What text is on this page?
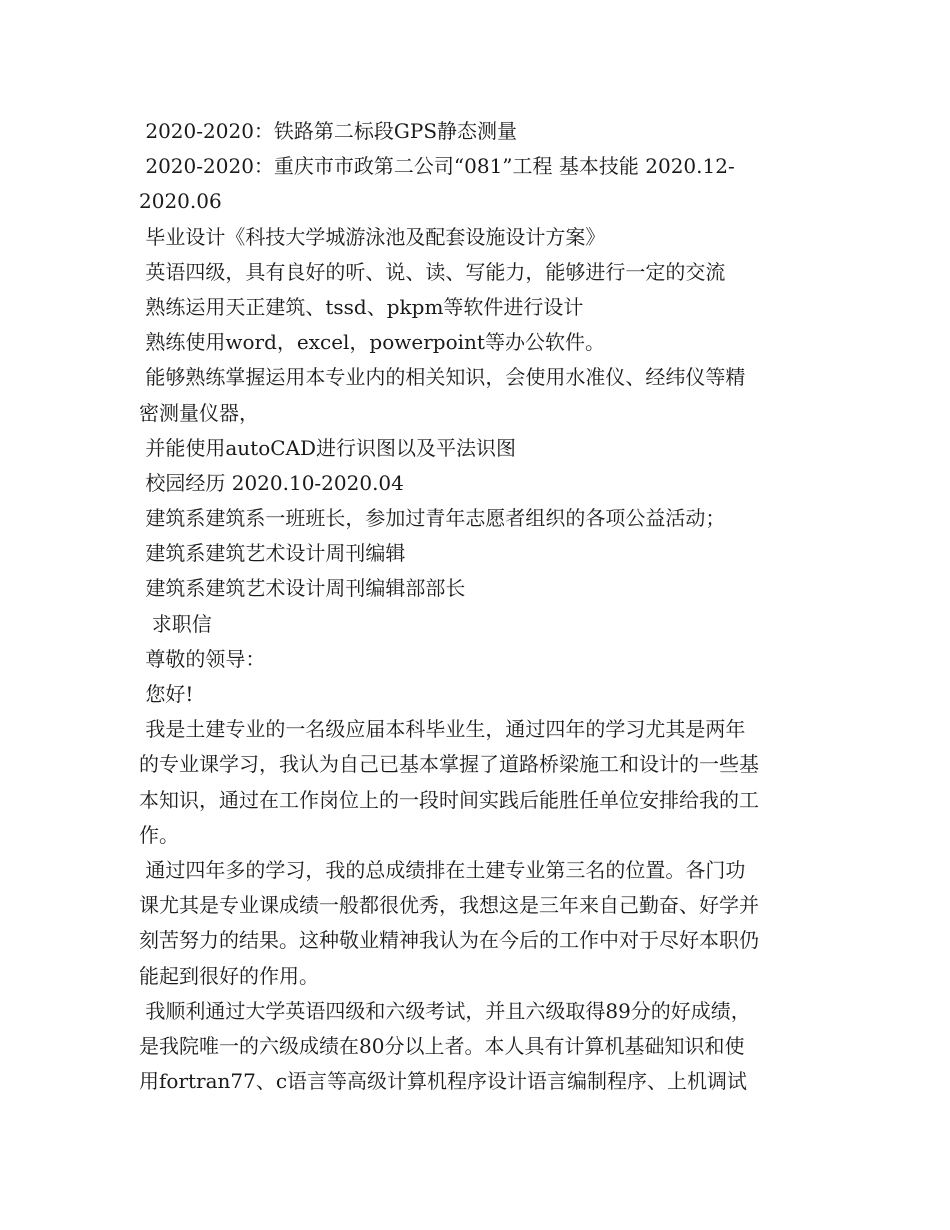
2020-2020：铁路第二标段GPS静态测量
2020-2020：重庆市市政第二公司“081”工程 基本技能 2020.12-
2020.06
毕业设计《科技大学城游泳池及配套设施设计方案》
英语四级，具有良好的听、说、读、写能力，能够进行一定的交流
熟练运用天正建筑、tssd、pkpm等软件进行设计
熟练使用word，excel，powerpoint等办公软件。
能够熟练掌握运用本专业内的相关知识，会使用水准仪、经纬仪等精
密测量仪器，
并能使用autoCAD进行识图以及平法识图
校园经历 2020.10-2020.04
建筑系建筑系一班班长，参加过青年志愿者组织的各项公益活动；
建筑系建筑艺术设计周刊编辑
建筑系建筑艺术设计周刊编辑部部长
求职信
尊敬的领导：
您好!
我是土建专业的一名级应届本科毕业生，通过四年的学习尤其是两年
的专业课学习，我认为自己已基本掌握了道路桥梁施工和设计的一些基
本知识，通过在工作岗位上的一段时间实践后能胜任单位安排给我的工
作。
通过四年多的学习，我的总成绩排在土建专业第三名的位置。各门功
课尤其是专业课成绩一般都很优秀，我想这是三年来自己勤奋、好学并
刻苦努力的结果。这种敬业精神我认为在今后的工作中对于尽好本职仍
能起到很好的作用。
我顺利通过大学英语四级和六级考试，并且六级取得89分的好成绩，
是我院唯一的六级成绩在80分以上者。本人具有计算机基础知识和使
用fortran77、c语言等高级计算机程序设计语言编制程序、上机调试
